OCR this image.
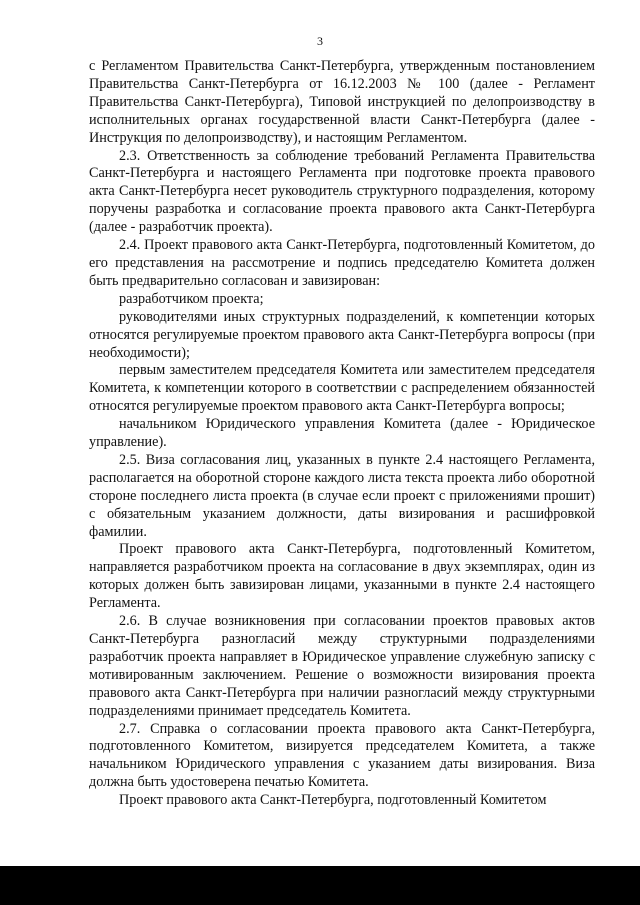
3

с Регламентом Правительства Санкт-Петербурга, утвержденным постановлением Правительства Санкт-Петербурга от 16.12.2003 № 100 (далее - Регламент Правительства Санкт-Петербурга), Типовой инструкцией по делопроизводству в исполнительных органах государственной власти Санкт-Петербурга (далее - Инструкция по делопроизводству), и настоящим Регламентом.

2.3. Ответственность за соблюдение требований Регламента Правительства Санкт-Петербурга и настоящего Регламента при подготовке проекта правового акта Санкт-Петербурга несет руководитель структурного подразделения, которому поручены разработка и согласование проекта правового акта Санкт-Петербурга (далее - разработчик проекта).

2.4. Проект правового акта Санкт-Петербурга, подготовленный Комитетом, до его представления на рассмотрение и подпись председателю Комитета должен быть предварительно согласован и завизирован:

разработчиком проекта;

руководителями иных структурных подразделений, к компетенции которых относятся регулируемые проектом правового акта Санкт-Петербурга вопросы (при необходимости);

первым заместителем председателя Комитета или заместителем председателя Комитета, к компетенции которого в соответствии с распределением обязанностей относятся регулируемые проектом правового акта Санкт-Петербурга вопросы;

начальником Юридического управления Комитета (далее - Юридическое управление).

2.5. Виза согласования лиц, указанных в пункте 2.4 настоящего Регламента, располагается на оборотной стороне каждого листа текста проекта либо оборотной стороне последнего листа проекта (в случае если проект с приложениями прошит) с обязательным указанием должности, даты визирования и расшифровкой фамилии.

Проект правового акта Санкт-Петербурга, подготовленный Комитетом, направляется разработчиком проекта на согласование в двух экземплярах, один из которых должен быть завизирован лицами, указанными в пункте 2.4 настоящего Регламента.

2.6. В случае возникновения при согласовании проектов правовых актов Санкт-Петербурга разногласий между структурными подразделениями разработчик проекта направляет в Юридическое управление служебную записку с мотивированным заключением. Решение о возможности визирования проекта правового акта Санкт-Петербурга при наличии разногласий между структурными подразделениями принимает председатель Комитета.

2.7. Справка о согласовании проекта правового акта Санкт-Петербурга, подготовленного Комитетом, визируется председателем Комитета, а также начальником Юридического управления с указанием даты визирования. Виза должна быть удостоверена печатью Комитета.

Проект правового акта Санкт-Петербурга, подготовленный Комитетом
